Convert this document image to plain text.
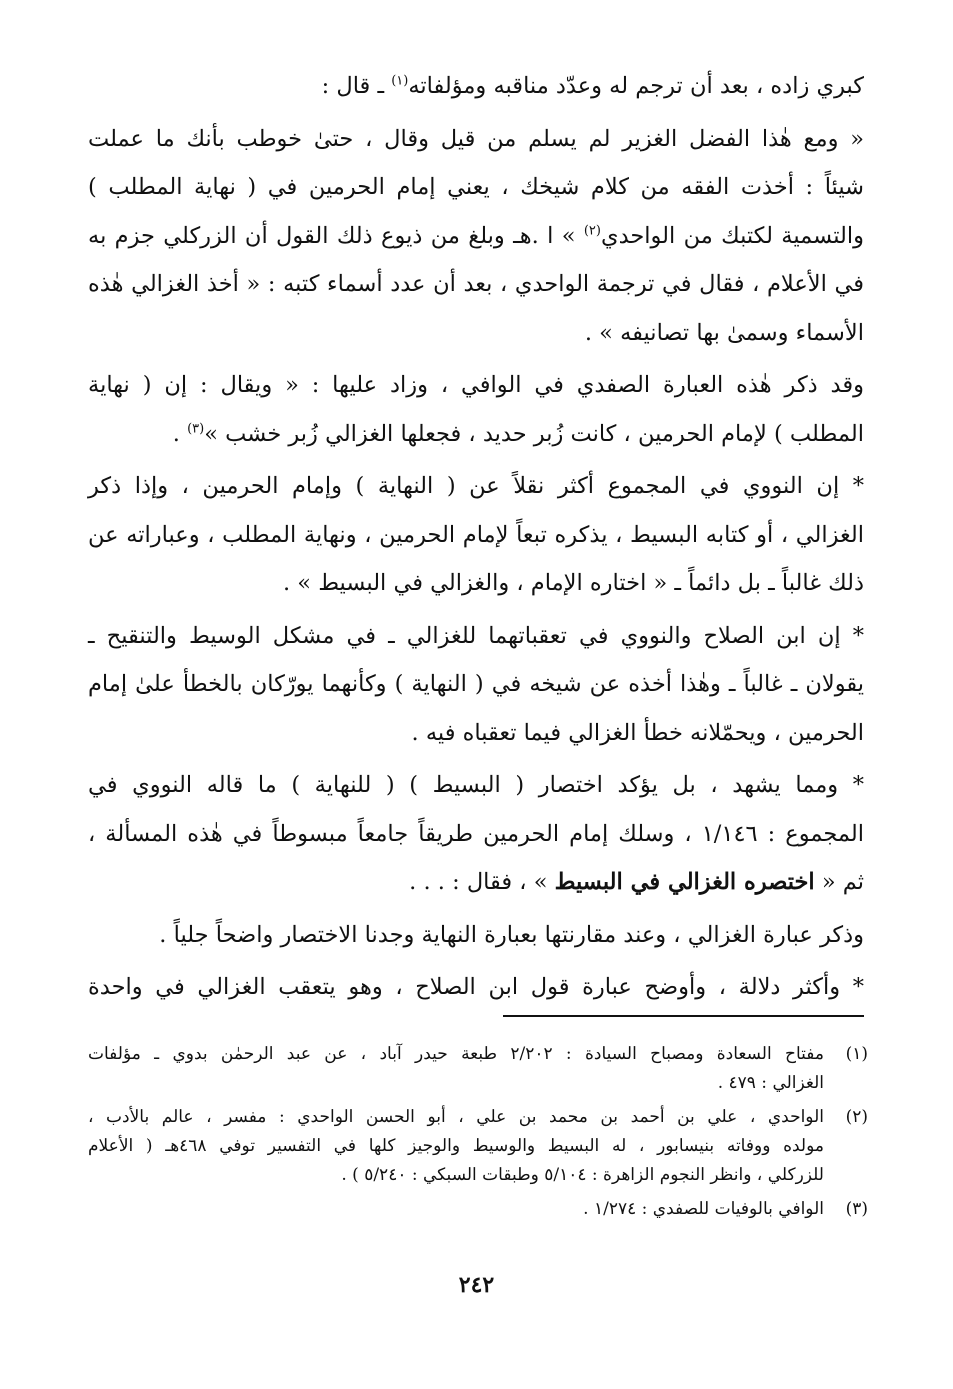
كبري زاده ، بعد أن ترجم له وعدّد مناقبه ومؤلفاته$^{(١)}$ ـ قال :

« ومع هٰذا الفضل الغزير لم يسلم من قيل وقال ، حتىٰ خوطب بأنك ما عملت
شيئاً : أخذت الفقه من كلام شيخك ، يعني إمام الحرمين في ( نهاية المطلب )
والتسمية لكتبك من الواحدي$^{(٢)}$ » ا .هـ وبلغ من ذيوع ذلك القول أن الزركلي جزم به
في الأعلام ، فقال في ترجمة الواحدي ، بعد أن عدد أسماء كتبه : « أخذ الغزالي هٰذه
الأسماء وسمىٰ بها تصانيفه » .

وقد ذكر هٰذه العبارة الصفدي في الوافي ، وزاد عليها : « ويقال : إن ( نهاية
المطلب ) لإمام الحرمين ، كانت زُبر حديد ، فجعلها الغزالي زُبر خشب »$^{(٣)}$ .

* إن النووي في المجموع أكثر نقلاً عن ( النهاية ) وإمام الحرمين ، وإذا ذكر
الغزالي ، أو كتابه البسيط ، يذكره تبعاً لإمام الحرمين ، ونهاية المطلب ، وعباراته عن
ذلك غالباً ـ بل دائماً ـ « اختاره الإمام ، والغزالي في البسيط » .

* إن ابن الصلاح والنووي في تعقباتهما للغزالي ـ في مشكل الوسيط والتنقيح ـ
يقولان ـ غالباً ـ وهٰذا أخذه عن شيخه في ( النهاية ) وكأنهما يورّكان بالخطأ علىٰ إمام
الحرمين ، ويحمّلانه خطأ الغزالي فيما تعقباه فيه .

* ومما يشهد ، بل يؤكد اختصار ( البسيط ) ( للنهاية ) ما قاله النووي في
المجموع : ١/١٤٦ ، وسلك إمام الحرمين طريقاً جامعاً مبسوطاً في هٰذه المسألة ،
ثم « اختصره الغزالي في البسيط » ، فقال : . . .

وذكر عبارة الغزالي ، وعند مقارنتها بعبارة النهاية وجدنا الاختصار واضحاً جلياً .

* وأكثر دلالة ، وأوضح عبارة قول ابن الصلاح ، وهو يتعقب الغزالي في واحدة

(١)
مفتاح السعادة ومصباح السيادة : ٢/٢٠٢ طبعة حيدر آباد ، عن عبد الرحمٰن بدوي ـ مؤلفات
الغزالي : ٤٧٩ .
(٢)
الواحدي ، علي بن أحمد بن محمد بن علي ، أبو الحسن الواحدي : مفسر ، عالم بالأدب ،
مولده ووفاته بنيسابور ، له البسيط والوسيط والوجيز كلها في التفسير توفي ٤٦٨هـ ( الأعلام
للزركلي ، وانظر النجوم الزاهرة : ٥/١٠٤ وطبقات السبكي : ٥/٢٤٠ ) .
(٣)
الوافي بالوفيات للصفدي : ١/٢٧٤ .
٢٤٢
